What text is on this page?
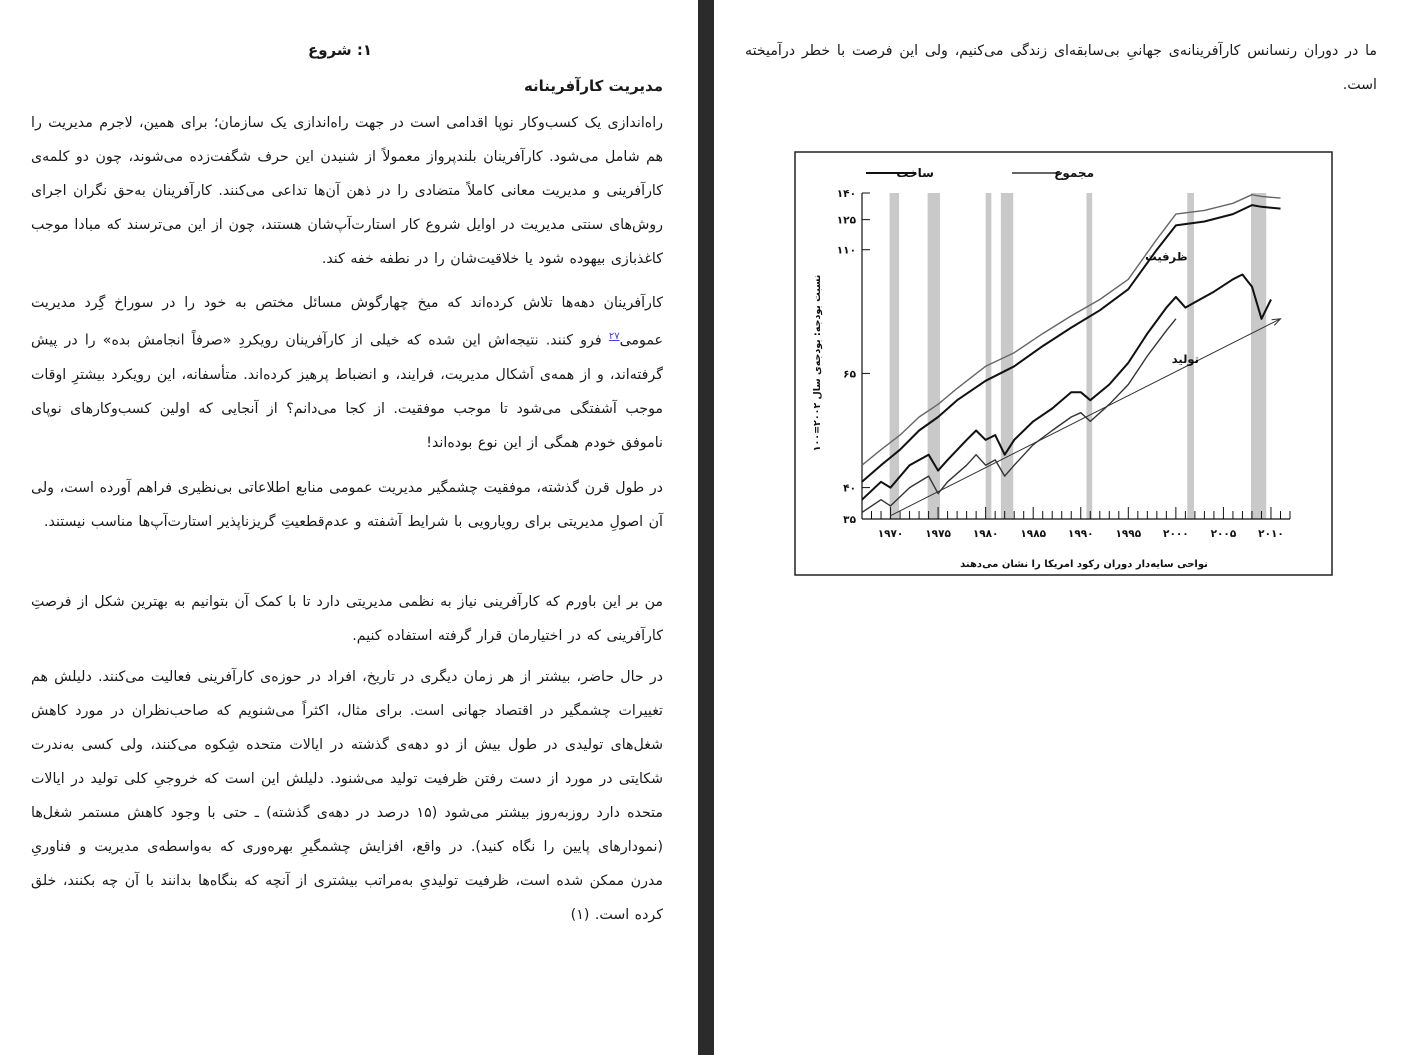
۱: شروع
مدیریت کارآفرینانه
راه‌اندازی یک کسب‌وکار نوپا اقدامی است در جهت راه‌اندازی یک سازمان؛ برای همین، لاجرم مدیریت را هم شامل می‌شود. کارآفرینان بلندپرواز معمولاً از شنیدن این حرف شگفت‌زده می‌شوند، چون دو کلمه‌ی کارآفرینی و مدیریت معانی کاملاً متضادی را در ذهن آن‌ها تداعی می‌کنند. کارآفرینان به‌حق نگران اجرای روش‌های سنتی مدیریت در اوایل شروع کار استارت‌آپ‌شان هستند، چون از این می‌ترسند که مبادا موجب کاغذبازی بیهوده شود یا خلاقیت‌شان را در نطفه خفه کند.
کارآفرینان دهه‌ها تلاش کرده‌اند که میخ چهارگوش مسائل مختص به خود را در سوراخ گِرد مدیریت عمومی$^{۲۷}$ فرو کنند. نتیجه‌اش این شده که خیلی از کارآفرینان رویکردِ «صرفاً انجامش بده» را در پیش گرفته‌اند، و از همه‌ی اَشکال مدیریت، فرایند، و انضباط پرهیز کرده‌اند. متأسفانه، این رویکرد بیشترِ اوقات موجب آشفتگی می‌شود تا موجب موفقیت. از کجا می‌دانم؟ از آنجایی که اولین کسب‌وکارهای نوپای ناموفق خودم همگی از این نوع بوده‌اند!
در طول قرن گذشته، موفقیت چشمگیر مدیریت عمومی منابع اطلاعاتی بی‌نظیری فراهم آورده است، ولی آن اصولِ مدیریتی برای رویارویی با شرایط آشفته و عدم‌قطعیتِ گریزناپذیر استارت‌آپ‌ها مناسب نیستند.
من بر این باورم که کارآفرینی نیاز به نظمی مدیریتی دارد تا با کمک آن بتوانیم به بهترین شکل از فرصتِ کارآفرینی که در اختیارمان قرار گرفته استفاده کنیم.
در حال حاضر، بیشتر از هر زمان دیگری در تاریخ، افراد در حوزه‌ی کارآفرینی فعالیت می‌کنند. دلیلش هم تغییرات چشمگیر در اقتصاد جهانی است. برای مثال، اکثراً می‌شنویم که صاحب‌نظران در مورد کاهش شغل‌های تولیدی در طول بیش از دو دهه‌ی گذشته در ایالات متحده شِکوه می‌کنند، ولی کسی به‌ندرت شکایتی در مورد از دست رفتن ظرفیت تولید می‌شنود. دلیلش این است که خروجیِ کلی تولید در ایالات متحده دارد روزبه‌روز بیشتر می‌شود (۱۵ درصد در دهه‌ی گذشته) ـ حتی با وجود کاهش مستمر شغل‌ها (نمودارهای پایین را نگاه کنید). در واقع، افزایش چشمگیرِ بهره‌وری که به‌واسطه‌ی مدیریت و فناوریِ مدرن ممکن شده است، ظرفیت تولیدیِ به‌مراتب بیشتری از آنچه که بنگاه‌ها بدانند با آن چه بکنند، خلق کرده است. (۱)
ما در دوران رنسانس کارآفرینانه‌ی جهانیِ بی‌سابقه‌ای زندگی می‌کنیم، ولی این فرصت با خطر درآمیخته است.
۳۵
۴۰
۶۵
۱۱۰
۱۲۵
۱۴۰
۱۹۷۰ ۱۹۷۵ ۱۹۸۰ ۱۹۸۵ ۱۹۹۰ ۱۹۹۵ ۲۰۰۰ ۲۰۰۵ ۲۰۱۰
ساخت	مجموع
ظرفیت
تولید
نسبت بودجه: بودجه‌ی سال ۲۰۰۲=۱۰۰
نواحی سایه‌دار دوران رکود امریکا را نشان می‌دهند
